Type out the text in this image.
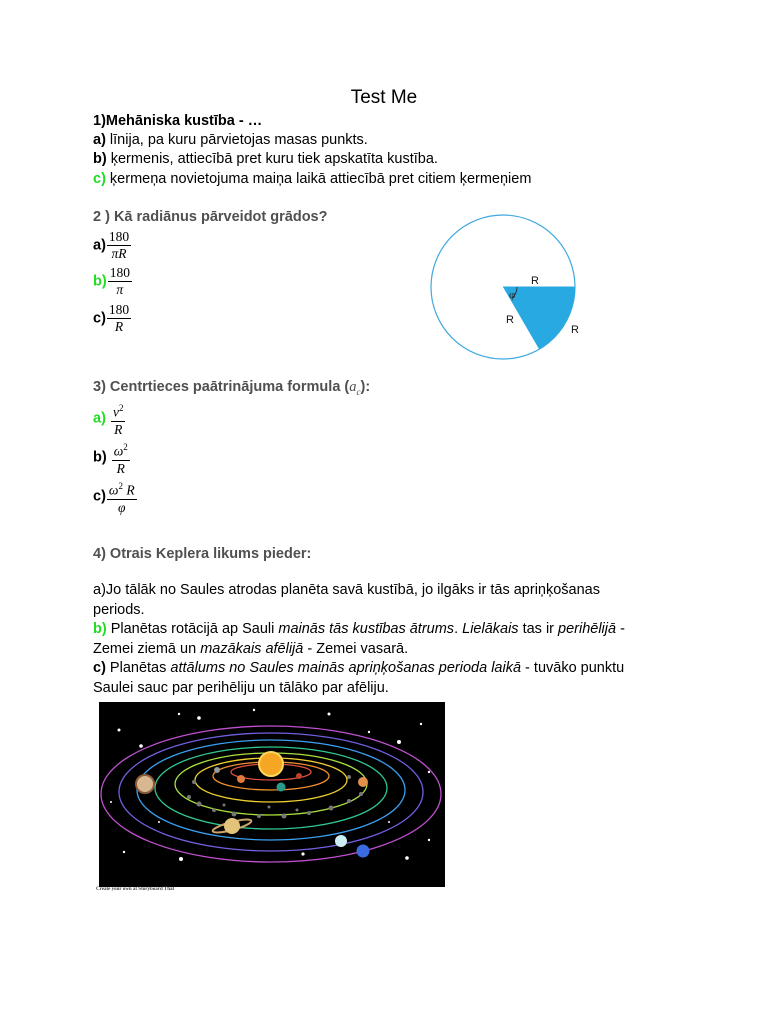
Test Me
1)Mehāniska kustība - …
a) līnija, pa kuru pārvietojas masas punkts.
b) ķermenis, attiecībā pret kuru tiek apskatīta kustība.
c) ķermeņa novietojuma maiņa laikā attiecībā pret citiem ķermeņiem
2 ) Kā radiānus pārveidot grādos?
$a) \frac{180}{\pi R}$
$b) \frac{180}{\pi}$
$c) \frac{180}{R}$
φ
R
R
R
3) Centrtieces paātrinājuma formula $(a_c)$:
$a) \frac{v^2}{R}$
$b) \frac{\omega^2}{R}$
$c) \frac{\omega^2 R}{\varphi}$
4) Otrais Keplera likums pieder:
a)Jo tālāk no Saules atrodas planēta savā kustībā, jo ilgāks ir tās apriņķošanas
periods.
b) Planētas rotācijā ap Sauli mainās tās kustības ātrums. Lielākais tas ir perihēlijā -
Zemei ziemā un mazākais afēlijā - Zemei vasarā.
c) Planētas attālums no Saules mainās apriņķošanas perioda laikā - tuvāko punktu
Saulei sauc par perihēliju un tālāko par afēliju.
Create your own at Storyboard That
